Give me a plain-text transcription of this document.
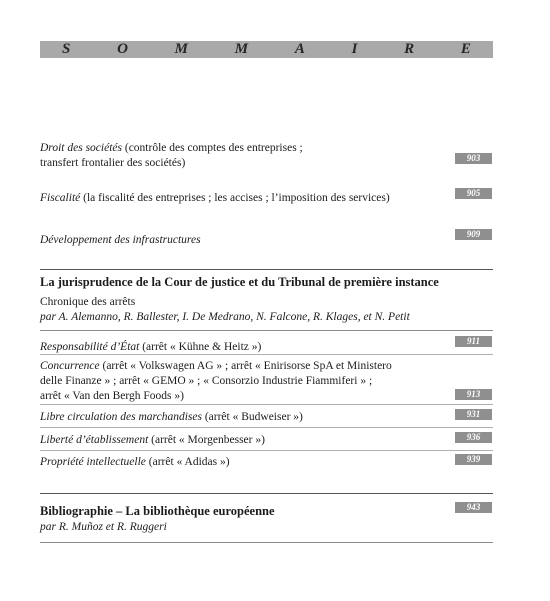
S	O	M	M	A	I	R	E
Droit des sociétés (contrôle des comptes des entreprises ;
transfert frontalier des sociétés)	903
Fiscalité (la fiscalité des entreprises ; les accises ; l’imposition des services)	905
Développement des infrastructures	909
La jurisprudence de la Cour de justice et du Tribunal de première instance
Chronique des arrêts
par A. Alemanno, R. Ballester, I. De Medrano, N. Falcone, R. Klages, et N. Petit
Responsabilité d’État (arrêt « Kühne & Heitz »)	911
Concurrence (arrêt « Volkswagen AG » ; arrêt « Enirisorse SpA et Ministero
delle Finanze » ; arrêt « GEMO » ; « Consorzio Industrie Fiammiferi » ;
arrêt « Van den Bergh Foods »)	913
Libre circulation des marchandises (arrêt « Budweiser »)	931
Liberté d’établissement (arrêt « Morgenbesser »)	936
Propriété intellectuelle (arrêt « Adidas »)	939
Bibliographie – La bibliothèque européenne	943
par R. Muñoz et R. Ruggeri
